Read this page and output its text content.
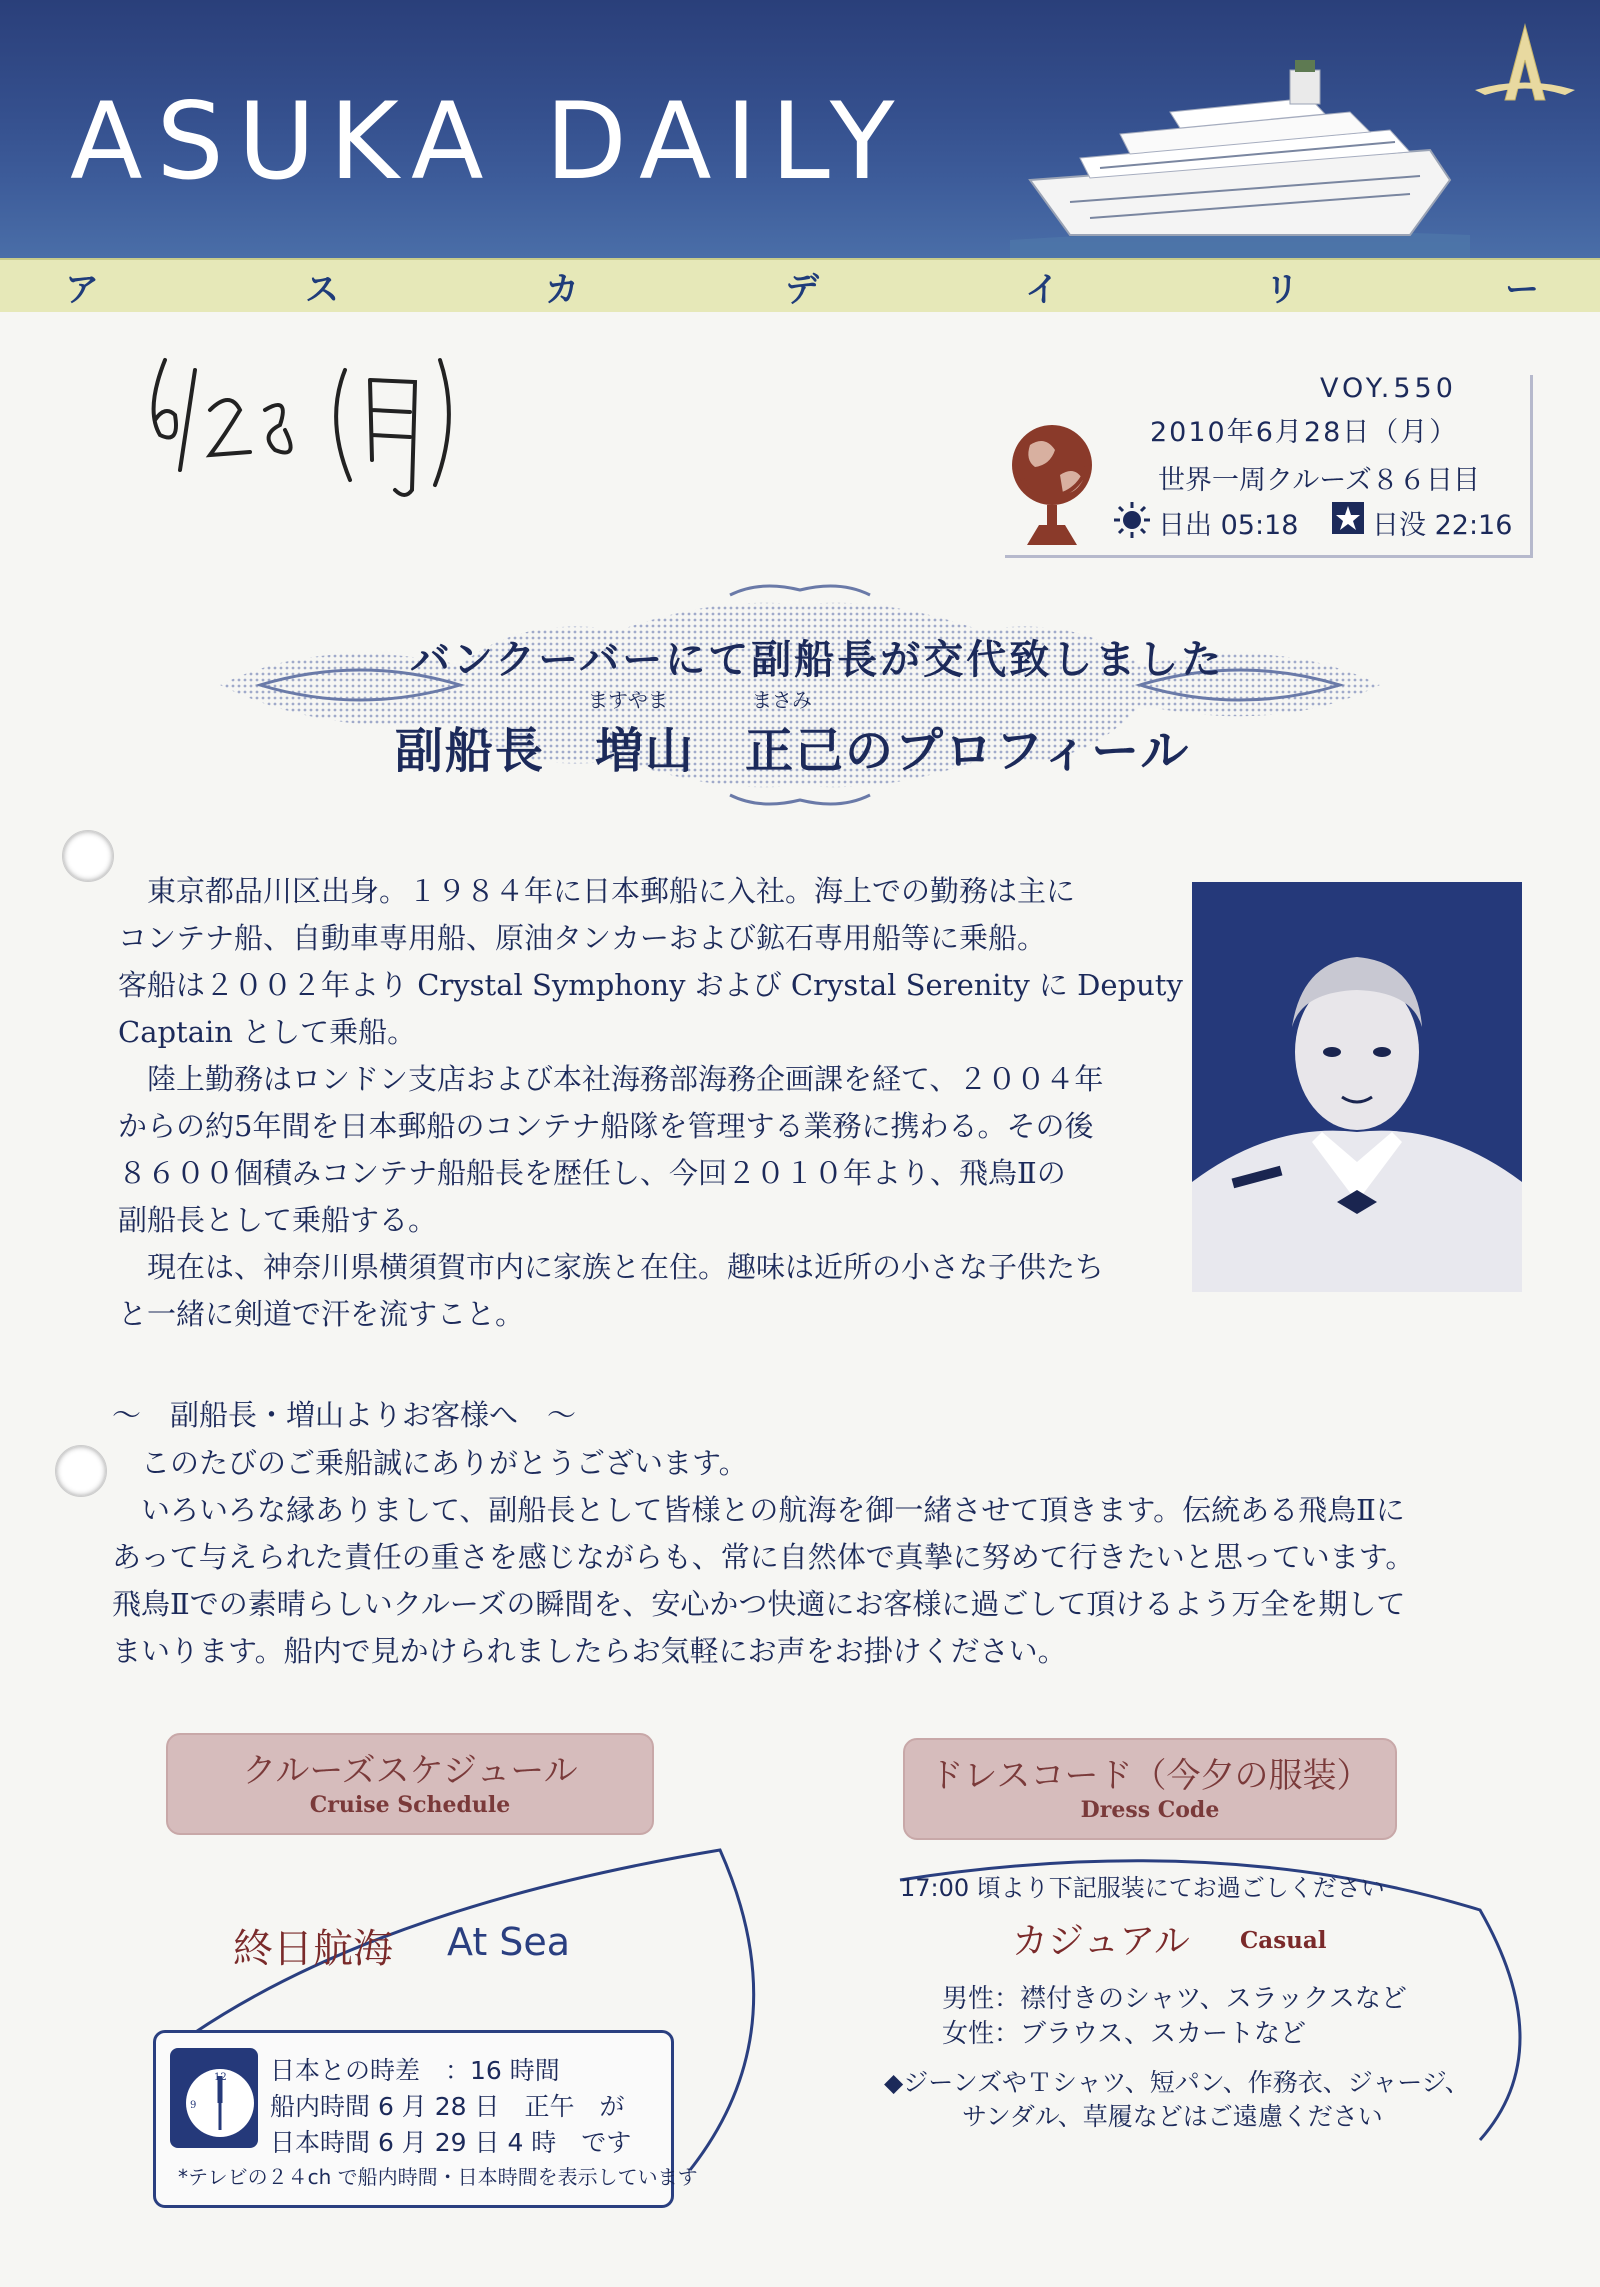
ASUKA DAILY
ア	ス	カ	デ	イ	リ	ー
VOY.550
2010年6月28日（月）
世界一周クルーズ８６日目
日出 05:18	日没 22:16
バンクーバーにて副船長が交代致しました
ますやま	まさみ
副船長　増山　正己のプロフィール
　東京都品川区出身。１９８４年に日本郵船に入社。海上での勤務は主に
コンテナ船、自動車専用船、原油タンカーおよび鉱石専用船等に乗船。
客船は２００２年より Crystal Symphony および Crystal Serenity に Deputy
Captain として乗船。
　陸上勤務はロンドン支店および本社海務部海務企画課を経て、２００４年
からの約5年間を日本郵船のコンテナ船隊を管理する業務に携わる。その後
８６００個積みコンテナ船船長を歴任し、今回２０１０年より、飛鳥Ⅱの
副船長として乗船する。
　現在は、神奈川県横須賀市内に家族と在住。趣味は近所の小さな子供たち
と一緒に剣道で汗を流すこと。
～　副船長・増山よりお客様へ　～
　このたびのご乗船誠にありがとうございます。
　いろいろな縁ありまして、副船長として皆様との航海を御一緒させて頂きます。伝統ある飛鳥Ⅱに
あって与えられた責任の重さを感じながらも、常に自然体で真摯に努めて行きたいと思っています。
飛鳥Ⅱでの素晴らしいクルーズの瞬間を、安心かつ快適にお客様に過ごして頂けるよう万全を期して
まいります。船内で見かけられましたらお気軽にお声をお掛けください。
クルーズスケジュール
Cruise Schedule
終日航海 At Sea
12
9
日本との時差　：16 時間
船内時間 6 月 28 日　正午　が
日本時間 6 月 29 日 4 時　です
*テレビの２４ch で船内時間・日本時間を表示しています
ドレスコード（今夕の服装）
Dress Code
17:00 頃より下記服装にてお過ごしください
カジュアル Casual
男性：襟付きのシャツ、スラックスなど
女性：ブラウス、スカートなど
◆ジーンズやＴシャツ、短パン、作務衣、ジャージ、
サンダル、草履などはご遠慮ください
